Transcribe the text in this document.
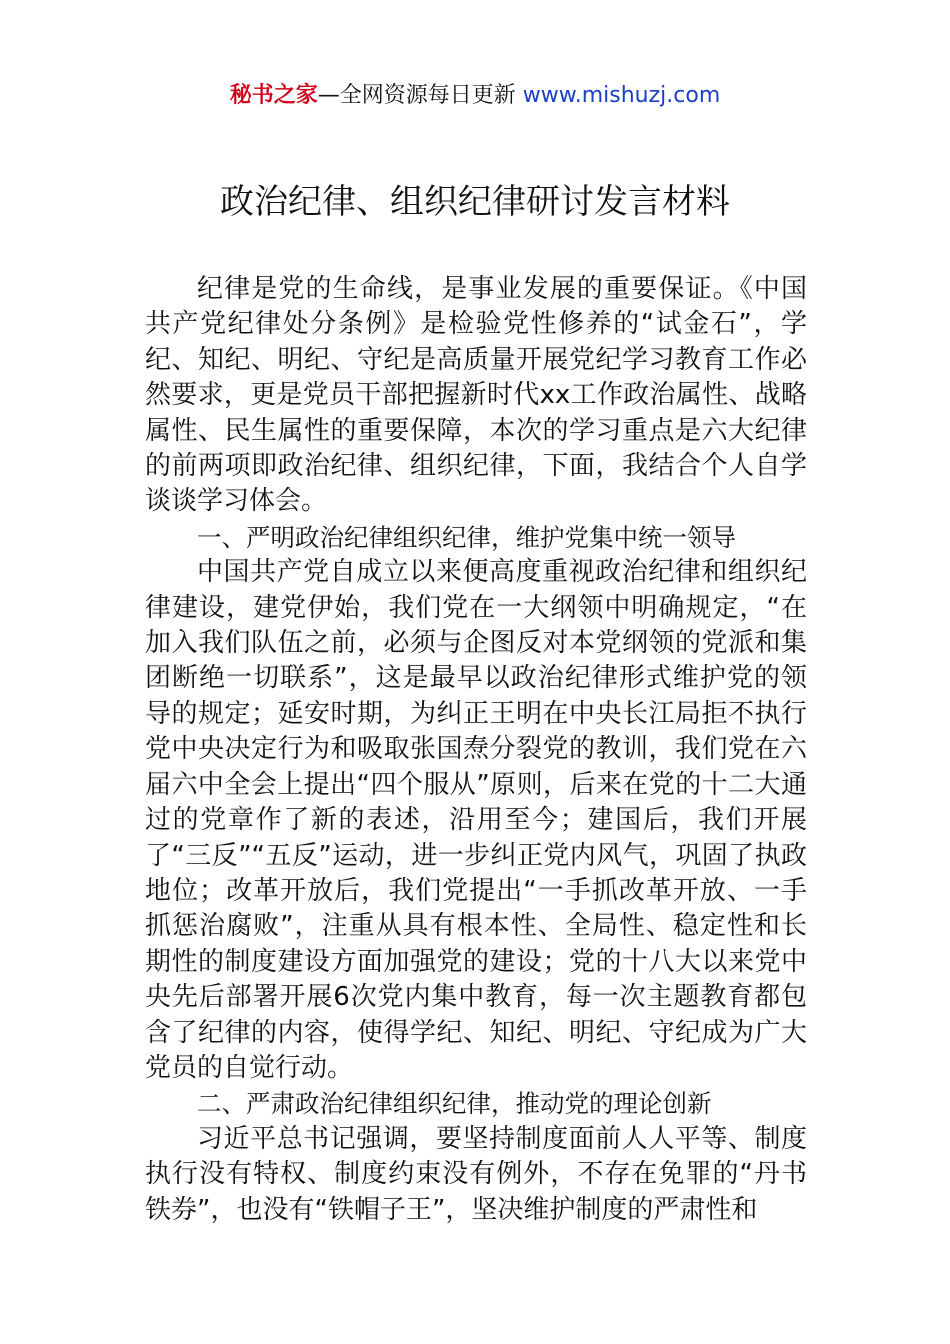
秘书之家—全网资源每日更新 www.mishuzj.com
政治纪律、组织纪律研讨发言材料

纪律是党的生命线，是事业发展的重要保证。《中国共产党纪律处分条例》是检验党性修养的“试金石”，学纪、知纪、明纪、守纪是高质量开展党纪学习教育工作必然要求，更是党员干部把握新时代xx工作政治属性、战略属性、民生属性的重要保障，本次的学习重点是六大纪律的前两项即政治纪律、组织纪律，下面，我结合个人自学谈谈学习体会。

一、严明政治纪律组织纪律，维护党集中统一领导

中国共产党自成立以来便高度重视政治纪律和组织纪律建设，建党伊始，我们党在一大纲领中明确规定，“在加入我们队伍之前，必须与企图反对本党纲领的党派和集团断绝一切联系”，这是最早以政治纪律形式维护党的领导的规定；延安时期，为纠正王明在中央长江局拒不执行党中央决定行为和吸取张国焘分裂党的教训，我们党在六届六中全会上提出“四个服从”原则，后来在党的十二大通过的党章作了新的表述，沿用至今；建国后，我们开展了“三反”“五反”运动，进一步纠正党内风气，巩固了执政地位；改革开放后，我们党提出“一手抓改革开放、一手抓惩治腐败”，注重从具有根本性、全局性、稳定性和长期性的制度建设方面加强党的建设；党的十八大以来党中央先后部署开展6次党内集中教育，每一次主题教育都包含了纪律的内容，使得学纪、知纪、明纪、守纪成为广大党员的自觉行动。

二、严肃政治纪律组织纪律，推动党的理论创新

习近平总书记强调，要坚持制度面前人人平等、制度执行没有特权、制度约束没有例外，不存在免罪的“丹书铁券”，也没有“铁帽子王”，坚决维护制度的严肃性和
